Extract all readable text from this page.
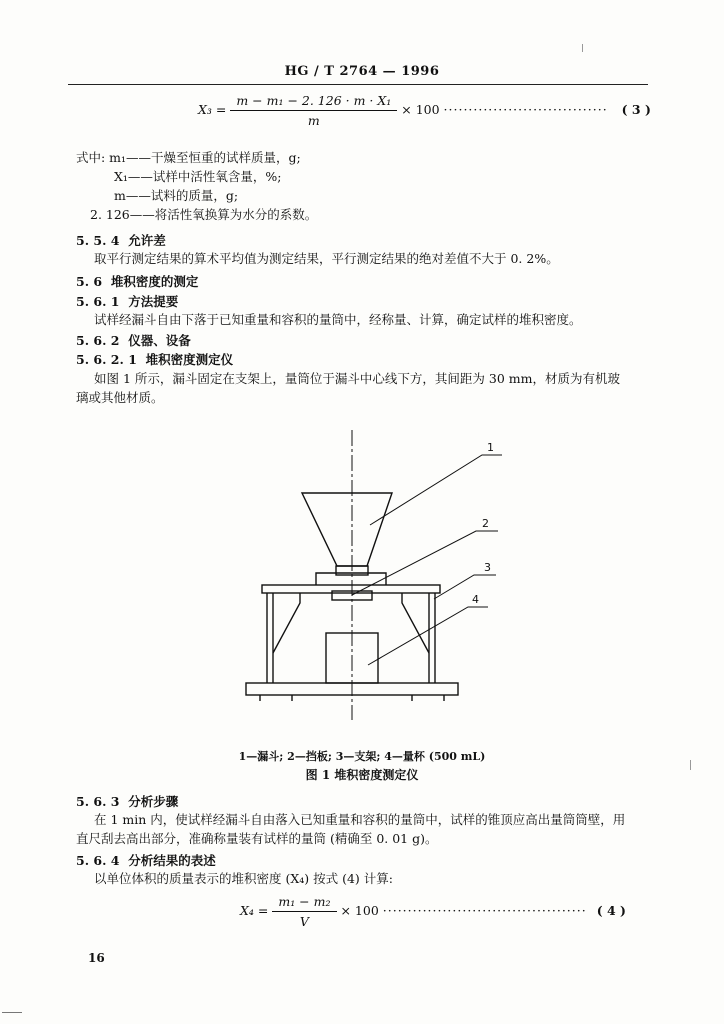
HG / T 2764 — 1996
$X_3 = \frac{\text{m − m₁ − 2. 126 · m · X₁}}{m} \times 100$ ································· ( 3 )
式中: m₁——干燥至恒重的试样质量，g;
X₁——试样中活性氧含量，%;
m——试料的质量，g;
2. 126——将活性氧换算为水分的系数。
5. 5. 4 允许差
取平行测定结果的算术平均值为测定结果，平行测定结果的绝对差值不大于 0. 2%。
5. 6 堆积密度的测定
5. 6. 1 方法提要
试样经漏斗自由下落于已知重量和容积的量筒中，经称量、计算，确定试样的堆积密度。
5. 6. 2 仪器、设备
5. 6. 2. 1 堆积密度测定仪
如图 1 所示，漏斗固定在支架上，量筒位于漏斗中心线下方，其间距为 30 mm，材质为有机玻
璃或其他材质。
1
2
3
4
1—漏斗; 2—挡板; 3—支架; 4—量杯 (500 mL)
图 1 堆积密度测定仪
5. 6. 3 分析步骤
在 1 min 内，使试样经漏斗自由落入已知重量和容积的量筒中，试样的锥顶应高出量筒筒壁，用
直尺刮去高出部分，准确称量装有试样的量筒 (精确至 0. 01 g)。
5. 6. 4 分析结果的表述
以单位体积的质量表示的堆积密度 (X₄) 按式 (4) 计算:
$X_4 = \frac{\text{m₁ − m₂}}{V} \times 100$ ········································· ( 4 )
16
